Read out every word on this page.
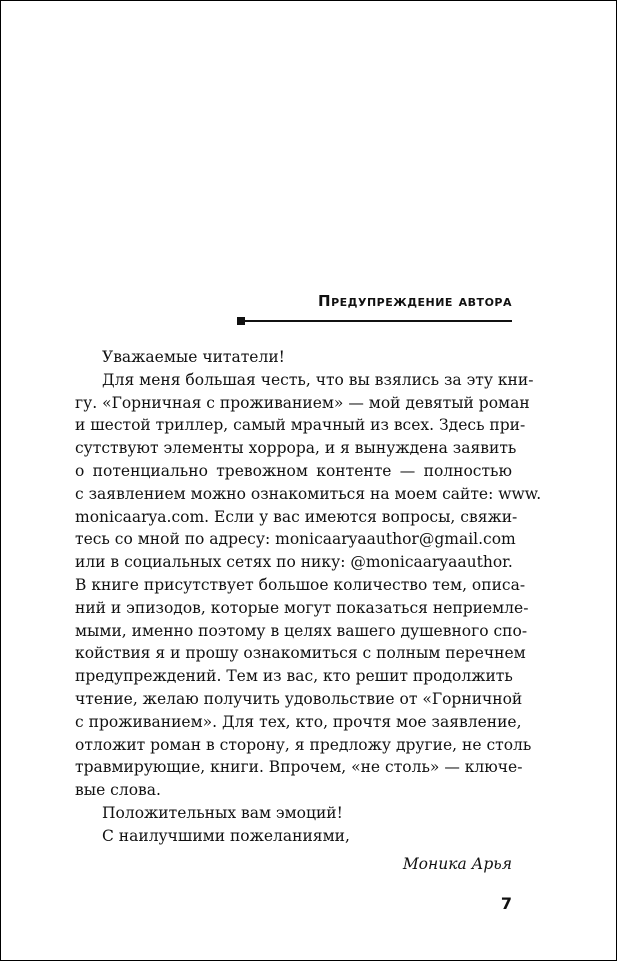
Предупреждение автора
Уважаемые читатели!
Для меня большая честь, что вы взялись за эту кни-
гу. «Горничная с проживанием» — мой девятый роман
и шестой триллер, самый мрачный из всех. Здесь при-
сутствуют элементы хоррора, и я вынуждена заявить
о потенциально тревожном контенте — полностью
с заявлением можно ознакомиться на моем сайте: www.
monicaarya.com. Если у вас имеются вопросы, свяжи-
тесь со мной по адресу: monicaaryaauthor@gmail.com
или в социальных сетях по нику: @monicaaryaauthor.
В книге присутствует большое количество тем, описа-
ний и эпизодов, которые могут показаться неприемле-
мыми, именно поэтому в целях вашего душевного спо-
койствия я и прошу ознакомиться с полным перечнем
предупреждений. Тем из вас, кто решит продолжить
чтение, желаю получить удовольствие от «Горничной
с проживанием». Для тех, кто, прочтя мое заявление,
отложит роман в сторону, я предложу другие, не столь
травмирующие, книги. Впрочем, «не столь» — ключе-
вые слова.
Положительных вам эмоций!
С наилучшими пожеланиями,
Моника Арья
7
